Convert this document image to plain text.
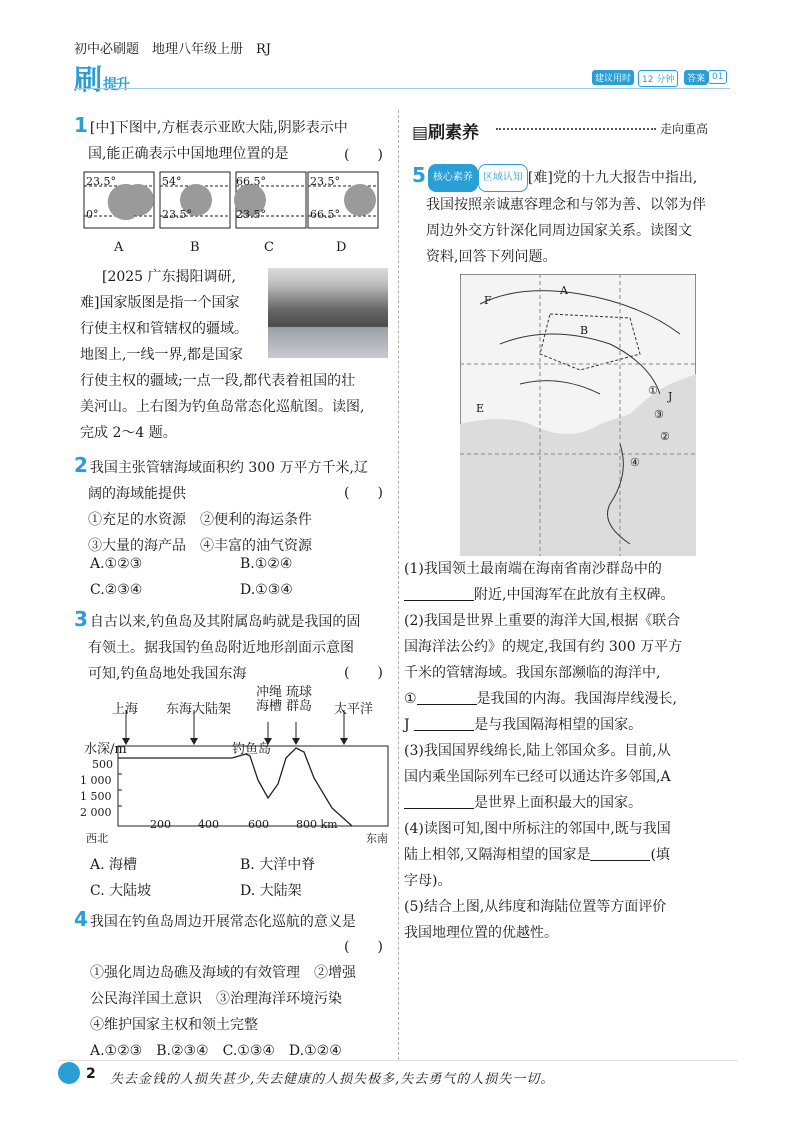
初中必刷题　地理八年级上册　RJ
刷提升	建议用时	12 分钟	答案 01
1 [中]下图中,方框表示亚欧大陆,阴影表示中
国,能正确表示中国地理位置的是	(　　)
23.5°
0°
54°
23.5°
66.5°
23.5°
23.5°
66.5°
A	B	C	D
[2025 广东揭阳调研,
难]国家版图是指一个国家
行使主权和管辖权的疆域。
地图上,一线一界,都是国家
行使主权的疆域;一点一段,都代表着祖国的壮
美河山。上右图为钓鱼岛常态化巡航图。读图,
完成 2～4 题。
2 我国主张管辖海域面积约 300 万平方千米,辽
阔的海域能提供
①充足的水资源　②便利的海运条件
③大量的海产品　④丰富的油气资源
(　　)
A.①②③	B.①②④
C.②③④	D.①③④
3 自古以来,钓鱼岛及其附属岛屿就是我国的固
有领土。据我国钓鱼岛附近地形剖面示意图
可知,钓鱼岛地处我国东海	(　　)
上海 东海大陆架
冲绳
海槽
琉球
群岛 太平洋
水深/m	钓鱼岛
500
1 000
1 500
2 000
200 400	600 800 km
西北	东南
A. 海槽	B. 大洋中脊
C. 大陆坡	D. 大陆架
4 我国在钓鱼岛周边开展常态化巡航的意义是
(　　)
①强化周边岛礁及海域的有效管理　②增强
公民海洋国土意识　③治理海洋环境污染
④维护国家主权和领土完整
A.①②③　B.②③④　C.①③④　D.①②④
▤刷素养	走向重高
5 核心素养 区域认知 [难]党的十九大报告中指出,
我国按照亲诚惠容理念和与邻为善、以邻为伴
周边外交方针深化同周边国家关系。读图文
资料,回答下列问题。
A
B
F
E
J
④
③
①
②
(1)我国领土最南端在海南省南沙群岛中的
附近,中国海军在此放有主权碑。
(2)我国是世界上重要的海洋大国,根据《联合
国海洋法公约》的规定,我国有约 300 万平方
千米的管辖海域。我国东部濒临的海洋中,
①	是我国的内海。我国海岸线漫长,
J	是与我国隔海相望的国家。
(3)我国国界线绵长,陆上邻国众多。目前,从
国内乘坐国际列车已经可以通达许多邻国,A
是世界上面积最大的国家。
(4)读图可知,图中所标注的邻国中,既与我国
陆上相邻,又隔海相望的国家是	(填
字母)。
(5)结合上图,从纬度和海陆位置等方面评价
我国地理位置的优越性。
2 失去金钱的人损失甚少,失去健康的人损失极多,失去勇气的人损失一切。
